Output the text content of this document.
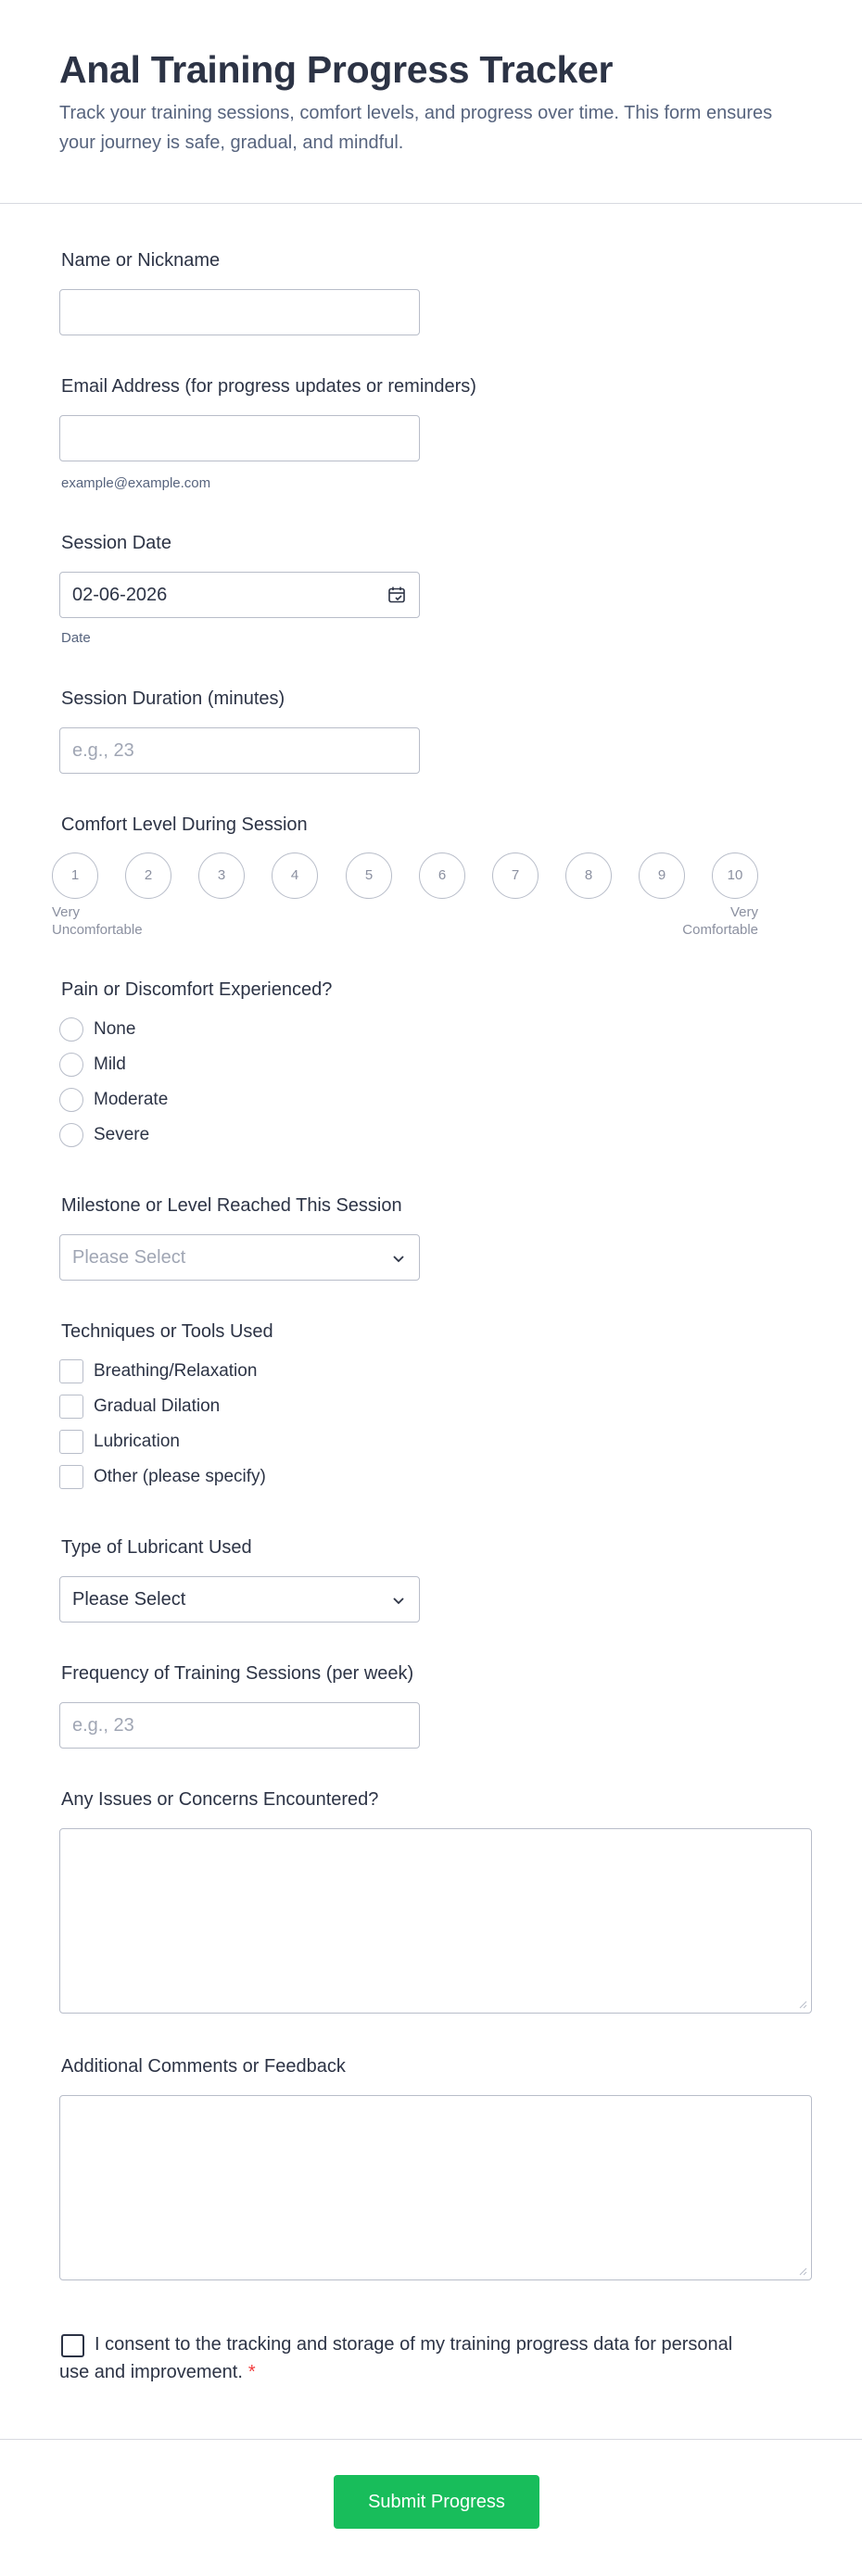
Anal Training Progress Tracker
Track your training sessions, comfort levels, and progress over time. This form ensures your journey is safe, gradual, and mindful.
Name or Nickname
Email Address (for progress updates or reminders)
example@example.com
Session Date
02-06-2026
Date
Session Duration (minutes)
e.g., 23
Comfort Level During Session
1	2	3	4	5	6	7	8	9	10
Very
Uncomfortable
Very
Comfortable
Pain or Discomfort Experienced?
None
Mild
Moderate
Severe
Milestone or Level Reached This Session
Please Select
Techniques or Tools Used
Breathing/Relaxation
Gradual Dilation
Lubrication
Other (please specify)
Type of Lubricant Used
Please Select
Frequency of Training Sessions (per week)
e.g., 23
Any Issues or Concerns Encountered?
Additional Comments or Feedback
I consent to the tracking and storage of my training progress data for personal use and improvement. *
Submit Progress
